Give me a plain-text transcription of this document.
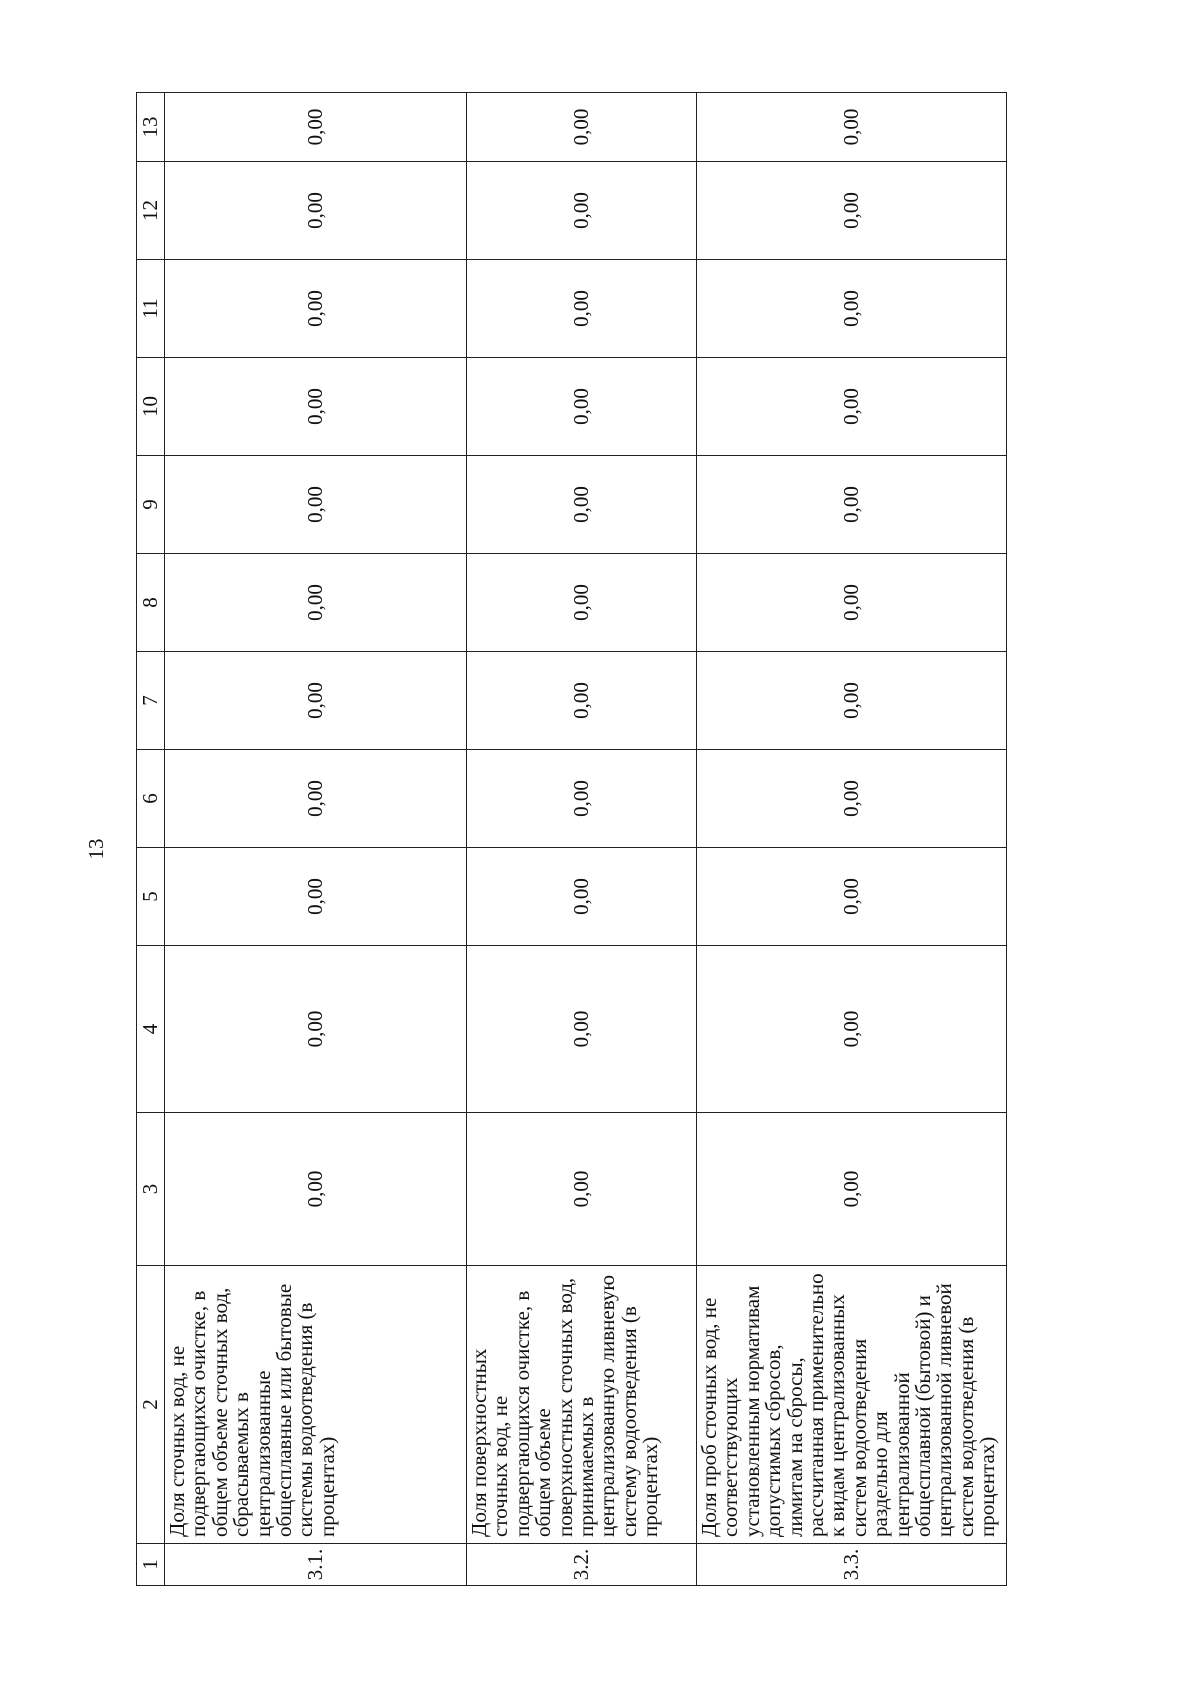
13
1	2	3	4	5	6	7	8	9	10	11	12	13
3.1.	Доля сточных вод, не подвергающихся очистке, в общем объеме сточных вод, сбрасываемых в централизованные общесплавные или бытовые системы водоотведения (в процентах)	0,00	0,00	0,00	0,00	0,00	0,00	0,00	0,00	0,00	0,00	0,00
3.2.	Доля поверхностных сточных вод, не подвергающихся очистке, в общем объеме поверхностных сточных вод, принимаемых в централизованную ливневую систему водоотведения (в процентах)	0,00	0,00	0,00	0,00	0,00	0,00	0,00	0,00	0,00	0,00	0,00
3.3.	Доля проб сточных вод, не соответствующих установленным нормативам допустимых сбросов, лимитам на сбросы, рассчитанная применительно к видам централизованных систем водоотведения раздельно для централизованной общесплавной (бытовой) и централизованной ливневой систем водоотведения (в процентах)	0,00	0,00	0,00	0,00	0,00	0,00	0,00	0,00	0,00	0,00	0,00
